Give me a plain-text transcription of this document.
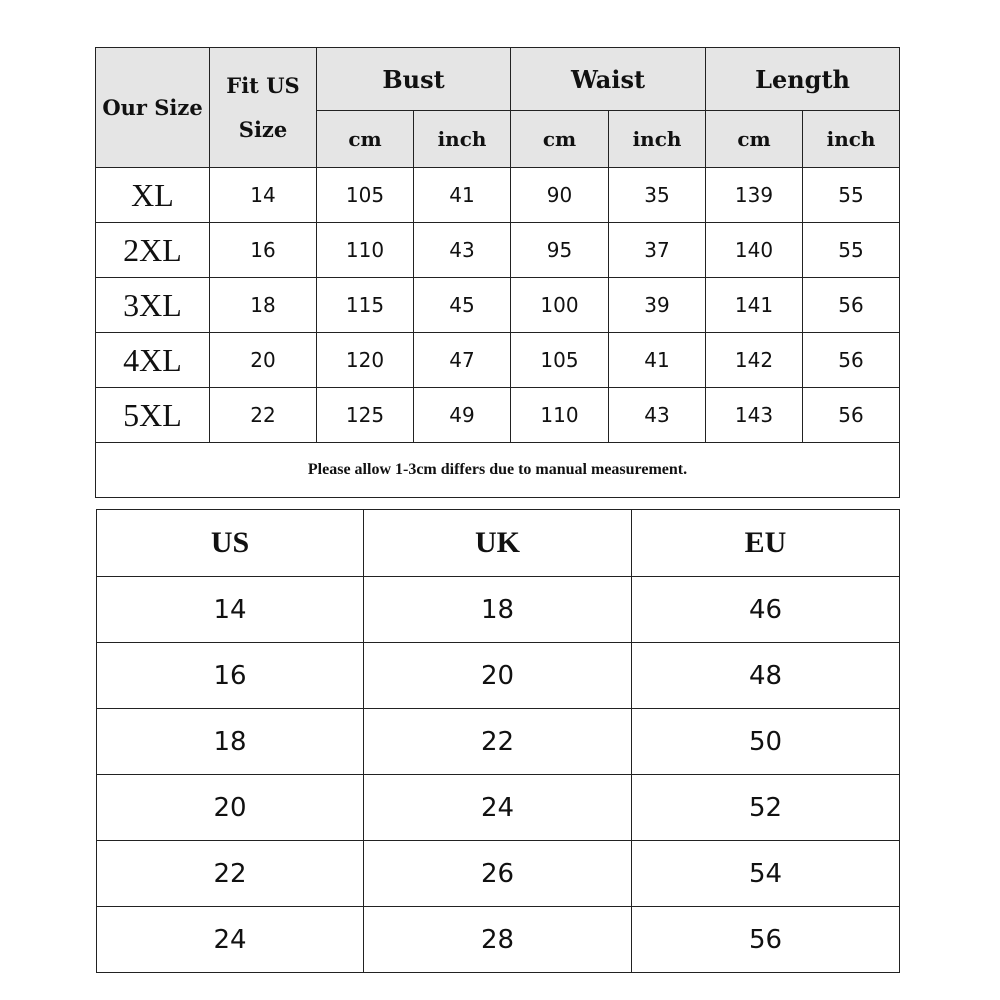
Our Size	Fit US Size	Bust		Waist		Length	
		cm	inch	cm	inch	cm	inch
XL	14	105	41	90	35	139	55
2XL	16	110	43	95	37	140	55
3XL	18	115	45	100	39	141	56
4XL	20	120	47	105	41	142	56
5XL	22	125	49	110	43	143	56
Please allow 1-3cm differs due to manual measurement.							
US	UK	EU
14	18	46
16	20	48
18	22	50
20	24	52
22	26	54
24	28	56
